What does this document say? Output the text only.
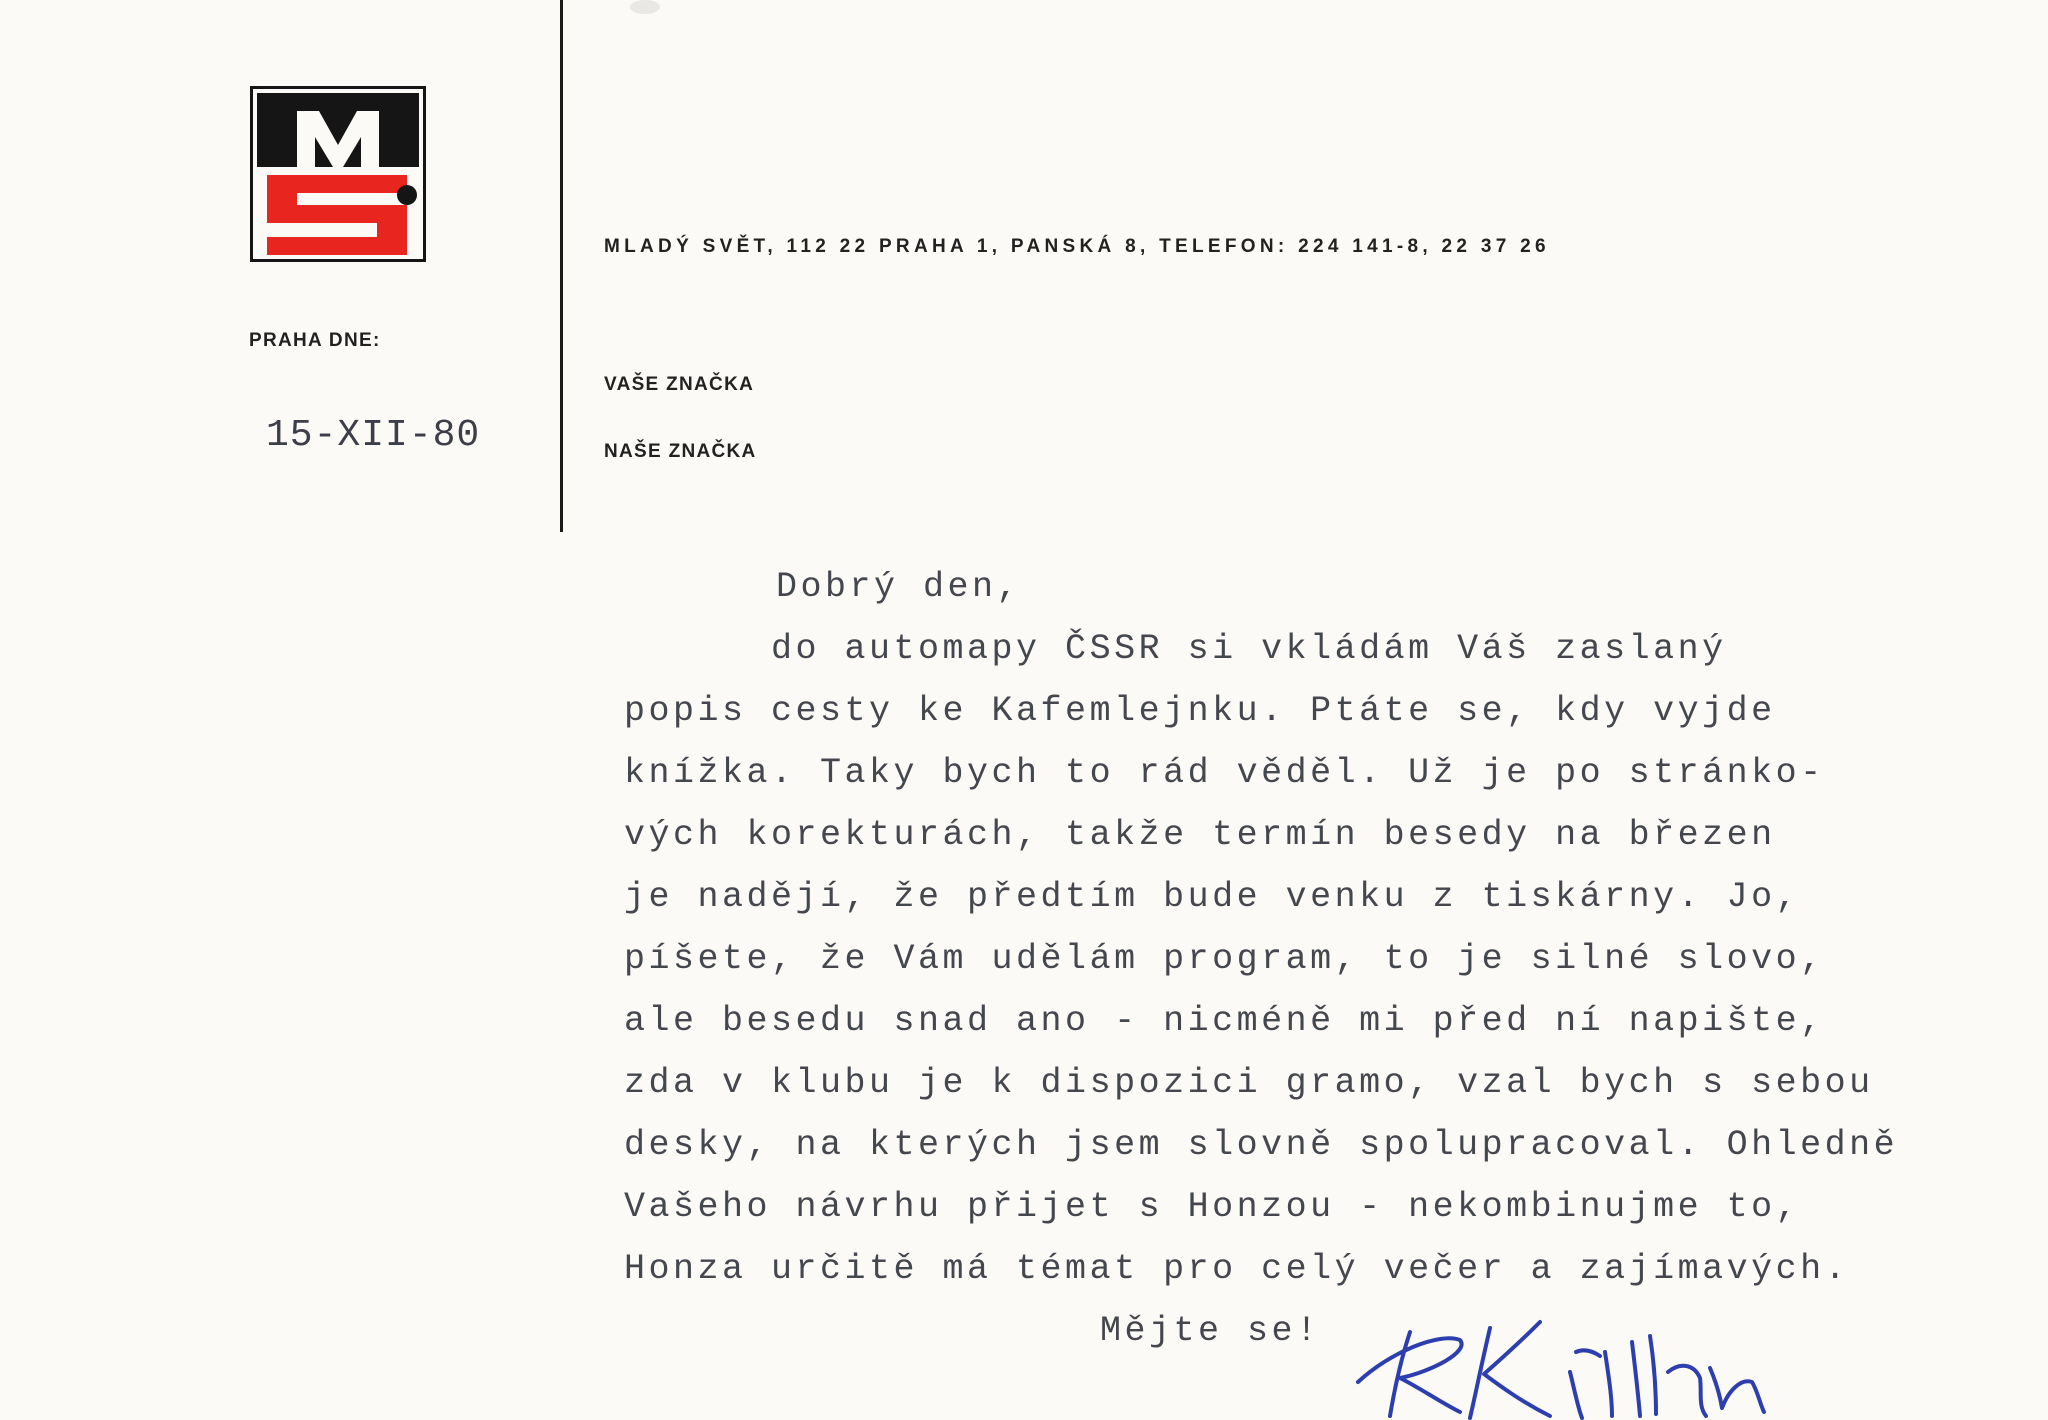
MLADÝ SVĚT, 112 22 PRAHA 1, PANSKÁ 8, TELEFON: 224 141-8, 22 37 26
PRAHA DNE:
VAŠE ZNAČKA
NAŠE ZNAČKA
15-XII-80
Dobrý den,
do automapy ČSSR si vkládám Váš zaslaný
popis cesty ke Kafemlejnku. Ptáte se, kdy vyjde
knížka. Taky bych to rád věděl. Už je po stránko-
vých korekturách, takže termín besedy na březen
je nadějí, že předtím bude venku z tiskárny. Jo,
píšete, že Vám udělám program, to je silné slovo,
ale besedu snad ano - nicméně mi před ní napište,
zda v klubu je k dispozici gramo, vzal bych s sebou
desky, na kterých jsem slovně spolupracoval. Ohledně
Vašeho návrhu přijet s Honzou - nekombinujme to,
Honza určitě má témat pro celý večer a zajímavých.
Mějte se!
